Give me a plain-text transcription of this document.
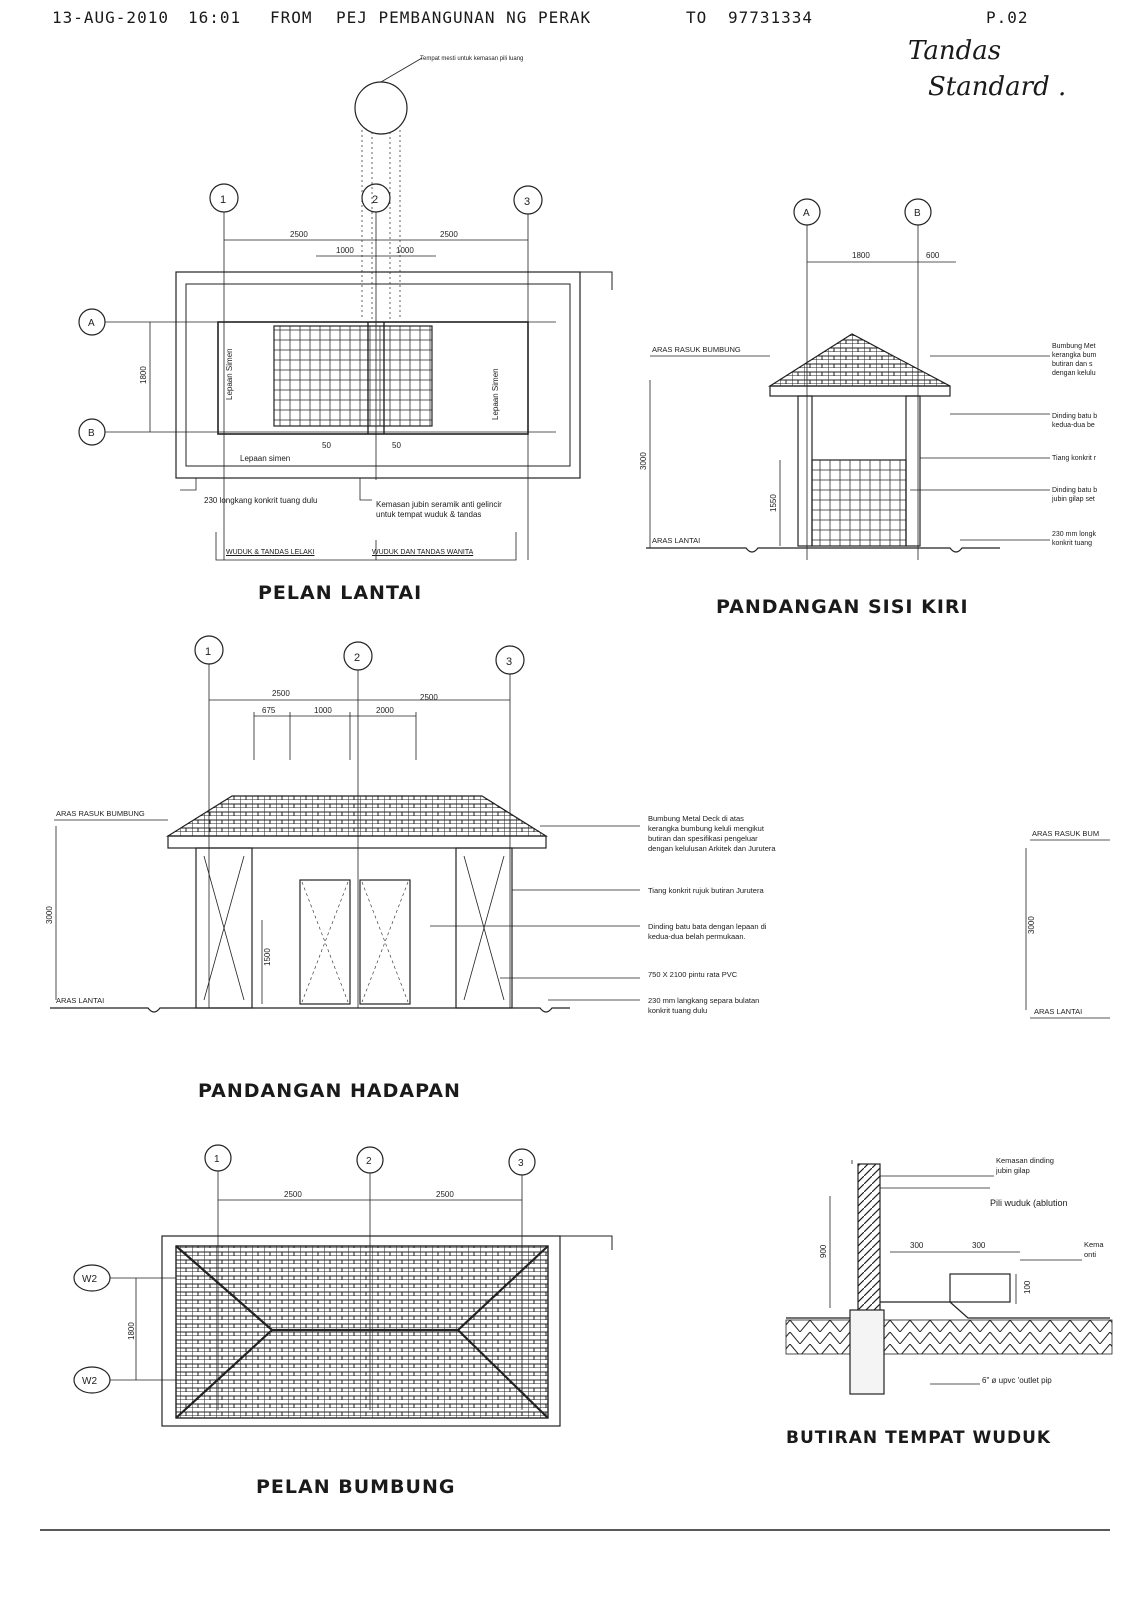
13-AUG-2010 16:01 FROM PEJ PEMBANGUNAN NG PERAK	TO 97731334	P.02
Tandas
Standard .
PELAN LANTAI
PANDANGAN SISI KIRI
PANDANGAN HADAPAN
PELAN BUMBUNG
BUTIRAN TEMPAT WUDUK
Tempat mesti untuk kemasan pili luang
230 longkang konkrit tuang dulu	Kemasan jubin seramik anti gelincir
untuk tempat wuduk & tandas
WUDUK & TANDAS LELAKI	WUDUK DAN TANDAS WANITA
Lepaan simen
Bumbung Met
kerangka bum
butiran dan s
dengan kelulu
Dinding batu b
kedua-dua be
Tiang konkrit r
Dinding batu b
jubin gilap set
230 mm longk
konkrit tuang
Bumbung Metal Deck di atas
kerangka bumbung keluli mengikut
butiran dan spesifikasi pengeluar
dengan kelulusan Arkitek dan Jurutera
Tiang konkrit rujuk butiran Jurutera
Dinding batu bata dengan lepaan di
kedua-dua belah permukaan.
750 X 2100 pintu rata PVC
230 mm langkang separa bulatan
konkrit tuang dulu
Kemasan dinding
jubin gilap
Pili wuduk (ablution
Kema
onti
6" ø upvc 'outlet pip
1	2	3
2500	2500
1000	1000
A
B
1800	Lepaan Simen	Lepaan Simen
50	50
A	B
1800	600
ARAS RASUK BUMBUNG
3000
1550
ARAS LANTAI
1	2	3
2500	2500
675	1000	2000
ARAS RASUK BUMBUNG
3000
1500
ARAS LANTAI
ARAS RASUK BUM
3000
ARAS LANTAI
1	2	3
2500	2500
W2
W2
1800
900	300	300
100
